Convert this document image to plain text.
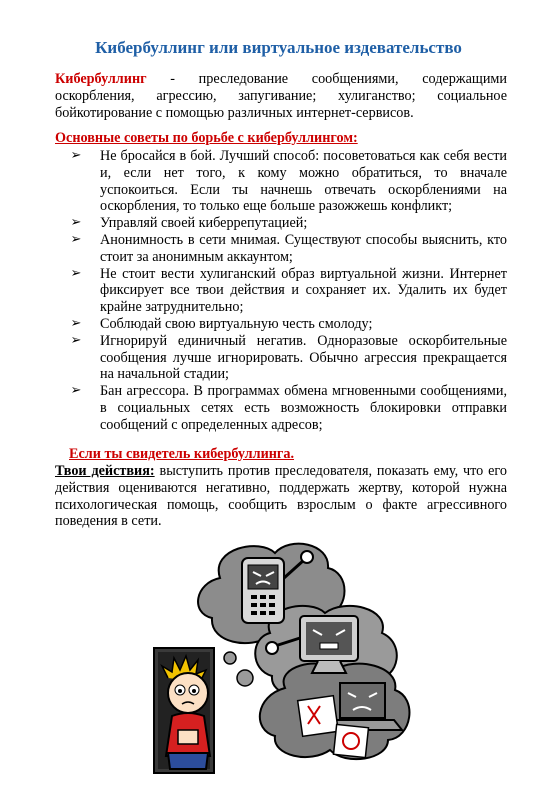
Кибербуллинг или виртуальное издевательство

Кибербуллинг - преследование сообщениями, содержащими оскорбления, агрессию, запугивание; хулиганство; социальное бойкотирование с помощью различных интернет-сервисов.

Основные советы по борьбе с кибербуллингом:

➢ Не бросайся в бой. Лучший способ: посоветоваться как себя вести и, если нет того, к кому можно обратиться, то вначале успокоиться. Если ты начнешь отвечать оскорблениями на оскорбления, то только еще больше разожжешь конфликт;
➢ Управляй своей киберрепутацией;
➢ Анонимность в сети мнимая. Существуют способы выяснить, кто стоит за анонимным аккаунтом;
➢ Не стоит вести хулиганский образ виртуальной жизни. Интернет фиксирует все твои действия и сохраняет их. Удалить их будет крайне затруднительно;
➢ Соблюдай свою виртуальную честь смолоду;
➢ Игнорируй единичный негатив. Одноразовые оскорбительные сообщения лучше игнорировать. Обычно агрессия прекращается на начальной стадии;
➢ Бан агрессора. В программах обмена мгновенными сообщениями, в социальных сетях есть возможность блокировки отправки сообщений с определенных адресов;

Если ты свидетель кибербуллинга.

Твои действия: выступить против преследователя, показать ему, что его действия оцениваются негативно, поддержать жертву, которой нужна психологическая помощь, сообщить взрослым о факте агрессивного поведения в сети.
